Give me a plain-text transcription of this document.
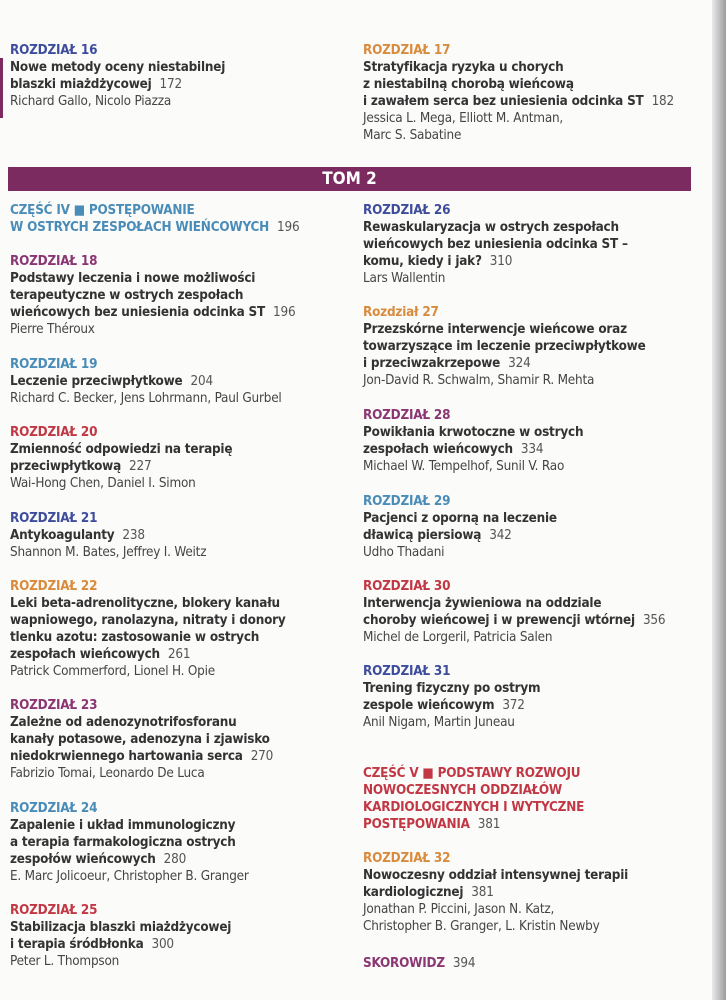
TOM 2
ROZDZIAŁ 16
Nowe metody oceny niestabilnej
blaszki miażdżycowej 172
Richard Gallo, Nicolo Piazza
ROZDZIAŁ 17
Stratyfikacja ryzyka u chorych
z niestabilną chorobą wieńcową
i zawałem serca bez uniesienia odcinka ST 182
Jessica L. Mega, Elliott M. Antman,
Marc S. Sabatine
CZĘŚĆ IV ■ POSTĘPOWANIE
W OSTRYCH ZESPOŁACH WIEŃCOWYCH 196
ROZDZIAŁ 18
Podstawy leczenia i nowe możliwości
terapeutyczne w ostrych zespołach
wieńcowych bez uniesienia odcinka ST 196
Pierre Théroux
ROZDZIAŁ 19
Leczenie przeciwpłytkowe 204
Richard C. Becker, Jens Lohrmann, Paul Gurbel
ROZDZIAŁ 20
Zmienność odpowiedzi na terapię
przeciwpłytkową 227
Wai-Hong Chen, Daniel I. Simon
ROZDZIAŁ 21
Antykoagulanty 238
Shannon M. Bates, Jeffrey I. Weitz
ROZDZIAŁ 22
Leki beta-adrenolityczne, blokery kanału
wapniowego, ranolazyna, nitraty i donory
tlenku azotu: zastosowanie w ostrych
zespołach wieńcowych 261
Patrick Commerford, Lionel H. Opie
ROZDZIAŁ 23
Zależne od adenozynotrifosforanu
kanały potasowe, adenozyna i zjawisko
niedokrwiennego hartowania serca 270
Fabrizio Tomai, Leonardo De Luca
ROZDZIAŁ 24
Zapalenie i układ immunologiczny
a terapia farmakologiczna ostrych
zespołów wieńcowych 280
E. Marc Jolicoeur, Christopher B. Granger
ROZDZIAŁ 25
Stabilizacja blaszki miażdżycowej
i terapia śródbłonka 300
Peter L. Thompson
ROZDZIAŁ 26
Rewaskularyzacja w ostrych zespołach
wieńcowych bez uniesienia odcinka ST –
komu, kiedy i jak? 310
Lars Wallentin
Rozdział 27
Przezskórne interwencje wieńcowe oraz
towarzyszące im leczenie przeciwpłytkowe
i przeciwzakrzepowe 324
Jon-David R. Schwalm, Shamir R. Mehta
ROZDZIAŁ 28
Powikłania krwotoczne w ostrych
zespołach wieńcowych 334
Michael W. Tempelhof, Sunil V. Rao
ROZDZIAŁ 29
Pacjenci z oporną na leczenie
dławicą piersiową 342
Udho Thadani
ROZDZIAŁ 30
Interwencja żywieniowa na oddziale
choroby wieńcowej i w prewencji wtórnej 356
Michel de Lorgeril, Patricia Salen
ROZDZIAŁ 31
Trening fizyczny po ostrym
zespole wieńcowym 372
Anil Nigam, Martin Juneau
CZĘŚĆ V ■ PODSTAWY ROZWOJU
NOWOCZESNYCH ODDZIAŁÓW
KARDIOLOGICZNYCH I WYTYCZNE
POSTĘPOWANIA 381
ROZDZIAŁ 32
Nowoczesny oddział intensywnej terapii
kardiologicznej 381
Jonathan P. Piccini, Jason N. Katz,
Christopher B. Granger, L. Kristin Newby
SKOROWIDZ 394
